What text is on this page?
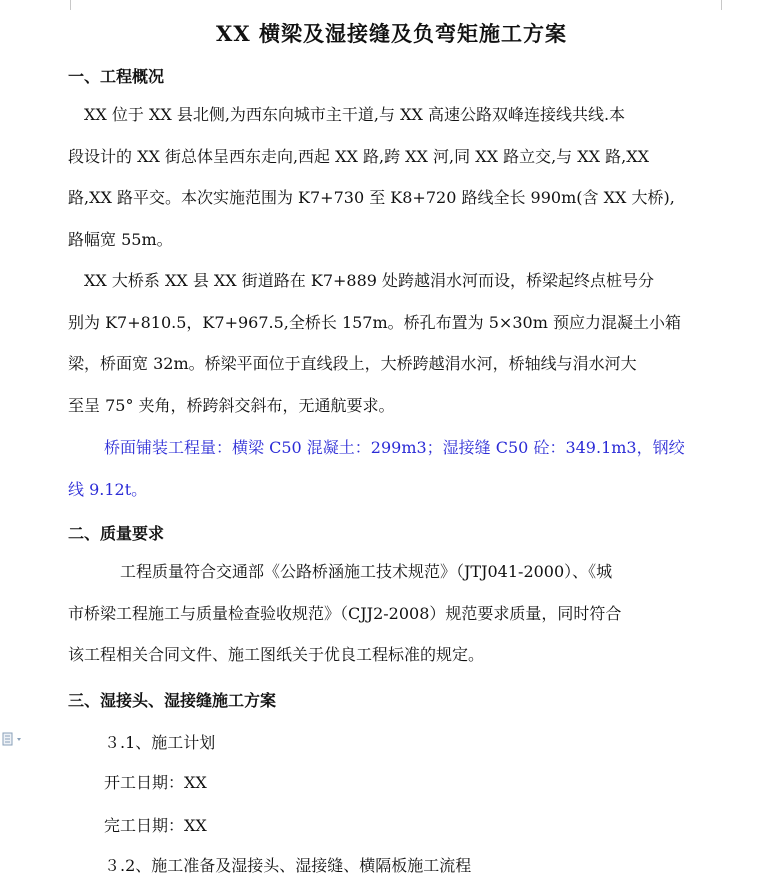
XX 横梁及湿接缝及负弯矩施工方案
一、工程概况
　XX 位于 XX 县北侧,为西东向城市主干道,与 XX 高速公路双峰连接线共线.本
段设计的 XX 街总体呈西东走向,西起 XX 路,跨 XX 河,同 XX 路立交,与 XX 路,XX
路,XX 路平交。本次实施范围为 K7+730 至 K8+720 路线全长 990m(含 XX 大桥),
路幅宽 55m。
　XX 大桥系 XX 县 XX 街道路在 K7+889 处跨越涓水河而设，桥梁起终点桩号分
别为 K7+810.5，K7+967.5,全桥长 157m。桥孔布置为 5×30m 预应力混凝土小箱
梁，桥面宽 32m。桥梁平面位于直线段上，大桥跨越涓水河，桥轴线与涓水河大
至呈 75° 夹角，桥跨斜交斜布，无通航要求。
桥面铺装工程量：横梁 C50 混凝土：299m3；湿接缝 C50 砼：349.1m3，钢绞
线 9.12t。
二、质量要求
工程质量符合交通部《公路桥涵施工技术规范》（JTJ041-2000）、《城
市桥梁工程施工与质量检查验收规范》（CJJ2-2008）规范要求质量，同时符合
该工程相关合同文件、施工图纸关于优良工程标准的规定。
三、湿接头、湿接缝施工方案
３.1、施工计划
开工日期：XX
完工日期：XX
３.2、施工准备及湿接头、湿接缝、横隔板施工流程
